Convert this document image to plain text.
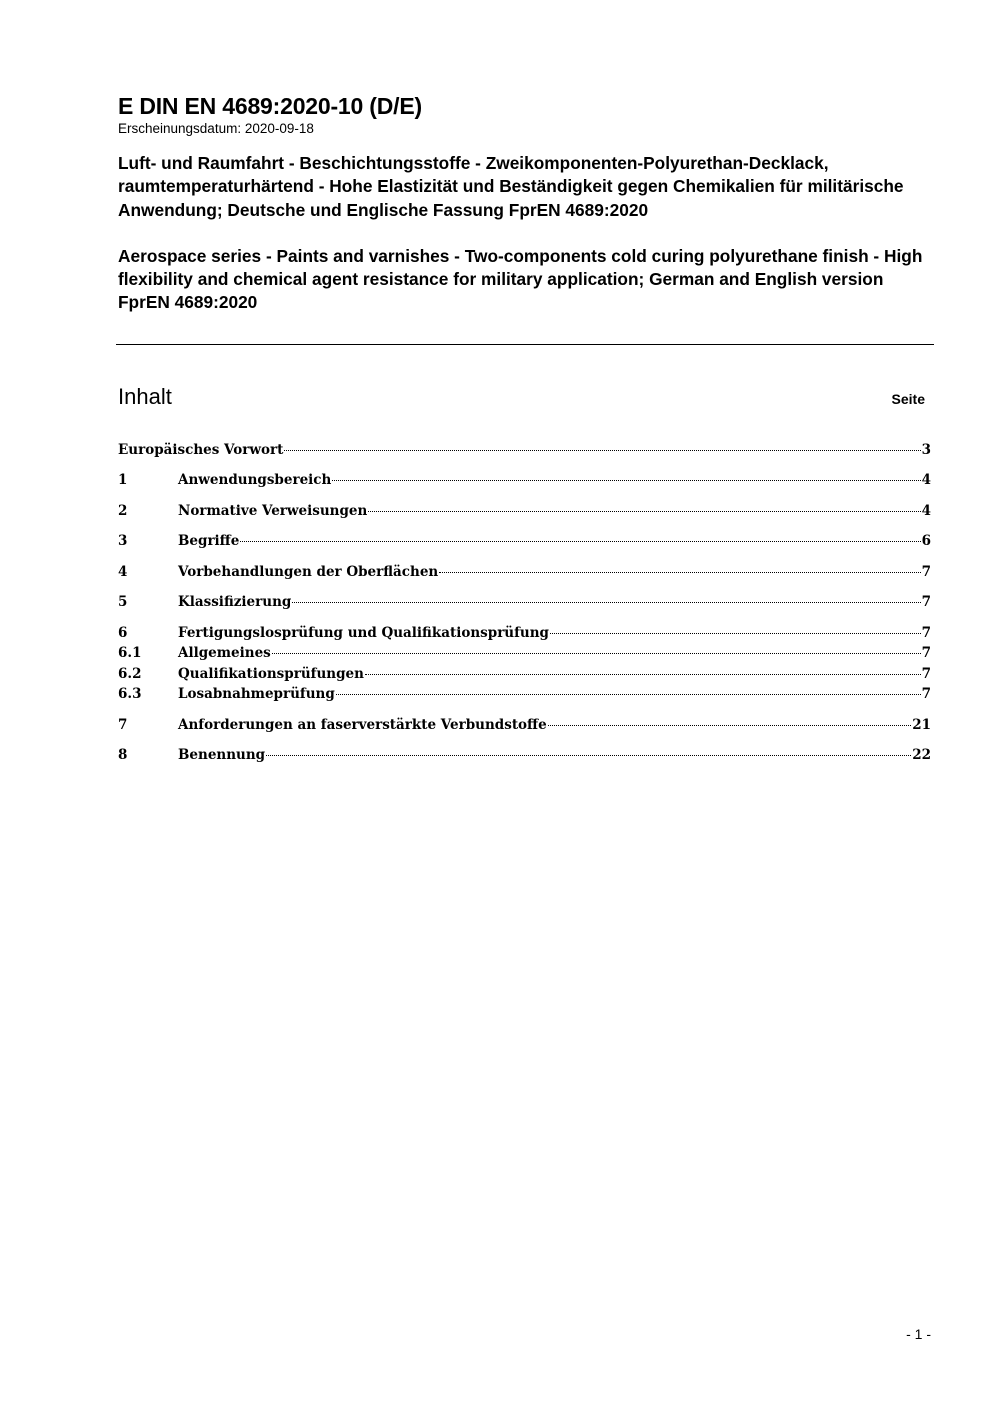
E DIN EN 4689:2020-10 (D/E)
Erscheinungsdatum: 2020-09-18

Luft- und Raumfahrt - Beschichtungsstoffe - Zweikomponenten-Polyurethan-Decklack, raumtemperaturhärtend - Hohe Elastizität und Beständigkeit gegen Chemikalien für militärische Anwendung; Deutsche und Englische Fassung FprEN 4689:2020

Aerospace series - Paints and varnishes - Two-components cold curing polyurethane finish - High flexibility and chemical agent resistance for military application; German and English version FprEN 4689:2020

Inhalt	Seite
Europäisches Vorwort	3
1	Anwendungsbereich	4
2	Normative Verweisungen	4
3	Begriffe	6
4	Vorbehandlungen der Oberflächen	7
5	Klassifizierung	7
6	Fertigungslosprüfung und Qualifikationsprüfung	7
6.1	Allgemeines	7
6.2	Qualifikationsprüfungen	7
6.3	Losabnahmeprüfung	7
7	Anforderungen an faserverstärkte Verbundstoffe	21
8	Benennung	22
- 1 -
